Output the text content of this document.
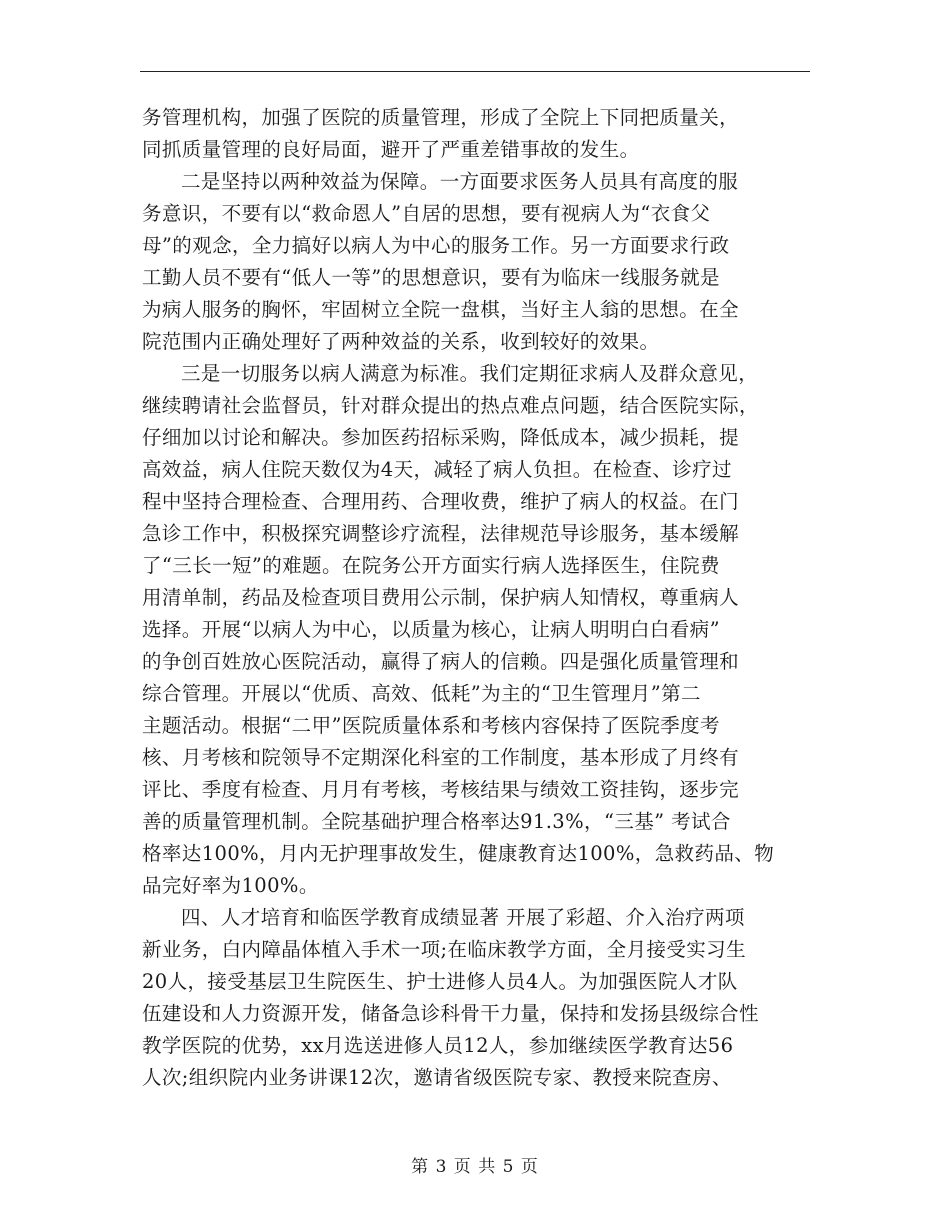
务管理机构，加强了医院的质量管理，形成了全院上下同把质量关，
同抓质量管理的良好局面，避开了严重差错事故的发生。
二是坚持以两种效益为保障。一方面要求医务人员具有高度的服
务意识，不要有以“救命恩人”自居的思想，要有视病人为“衣食父
母”的观念，全力搞好以病人为中心的服务工作。另一方面要求行政
工勤人员不要有“低人一等”的思想意识，要有为临床一线服务就是
为病人服务的胸怀，牢固树立全院一盘棋，当好主人翁的思想。在全
院范围内正确处理好了两种效益的关系，收到较好的效果。
三是一切服务以病人满意为标准。我们定期征求病人及群众意见，
继续聘请社会监督员，针对群众提出的热点难点问题，结合医院实际，
仔细加以讨论和解决。参加医药招标采购，降低成本，减少损耗，提
高效益，病人住院天数仅为4天，减轻了病人负担。在检查、诊疗过
程中坚持合理检查、合理用药、合理收费，维护了病人的权益。在门
急诊工作中，积极探究调整诊疗流程，法律规范导诊服务，基本缓解
了“三长一短”的难题。在院务公开方面实行病人选择医生，住院费
用清单制，药品及检查项目费用公示制，保护病人知情权，尊重病人
选择。开展“以病人为中心，以质量为核心，让病人明明白白看病”
的争创百姓放心医院活动，赢得了病人的信赖。四是强化质量管理和
综合管理。开展以“优质、高效、低耗”为主的“卫生管理月”第二
主题活动。根据“二甲”医院质量体系和考核内容保持了医院季度考
核、月考核和院领导不定期深化科室的工作制度，基本形成了月终有
评比、季度有检查、月月有考核，考核结果与绩效工资挂钩，逐步完
善的质量管理机制。全院基础护理合格率达91.3%，“三基” 考试合
格率达100%，月内无护理事故发生，健康教育达100%，急救药品、物
品完好率为100%。
四、人才培育和临医学教育成绩显著 开展了彩超、介入治疗两项
新业务，白内障晶体植入手术一项;在临床教学方面，全月接受实习生
20人，接受基层卫生院医生、护士进修人员4人。为加强医院人才队
伍建设和人力资源开发，储备急诊科骨干力量，保持和发扬县级综合性
教学医院的优势，xx月选送进修人员12人，参加继续医学教育达56
人次;组织院内业务讲课12次，邀请省级医院专家、教授来院查房、
第 3 页 共 5 页
